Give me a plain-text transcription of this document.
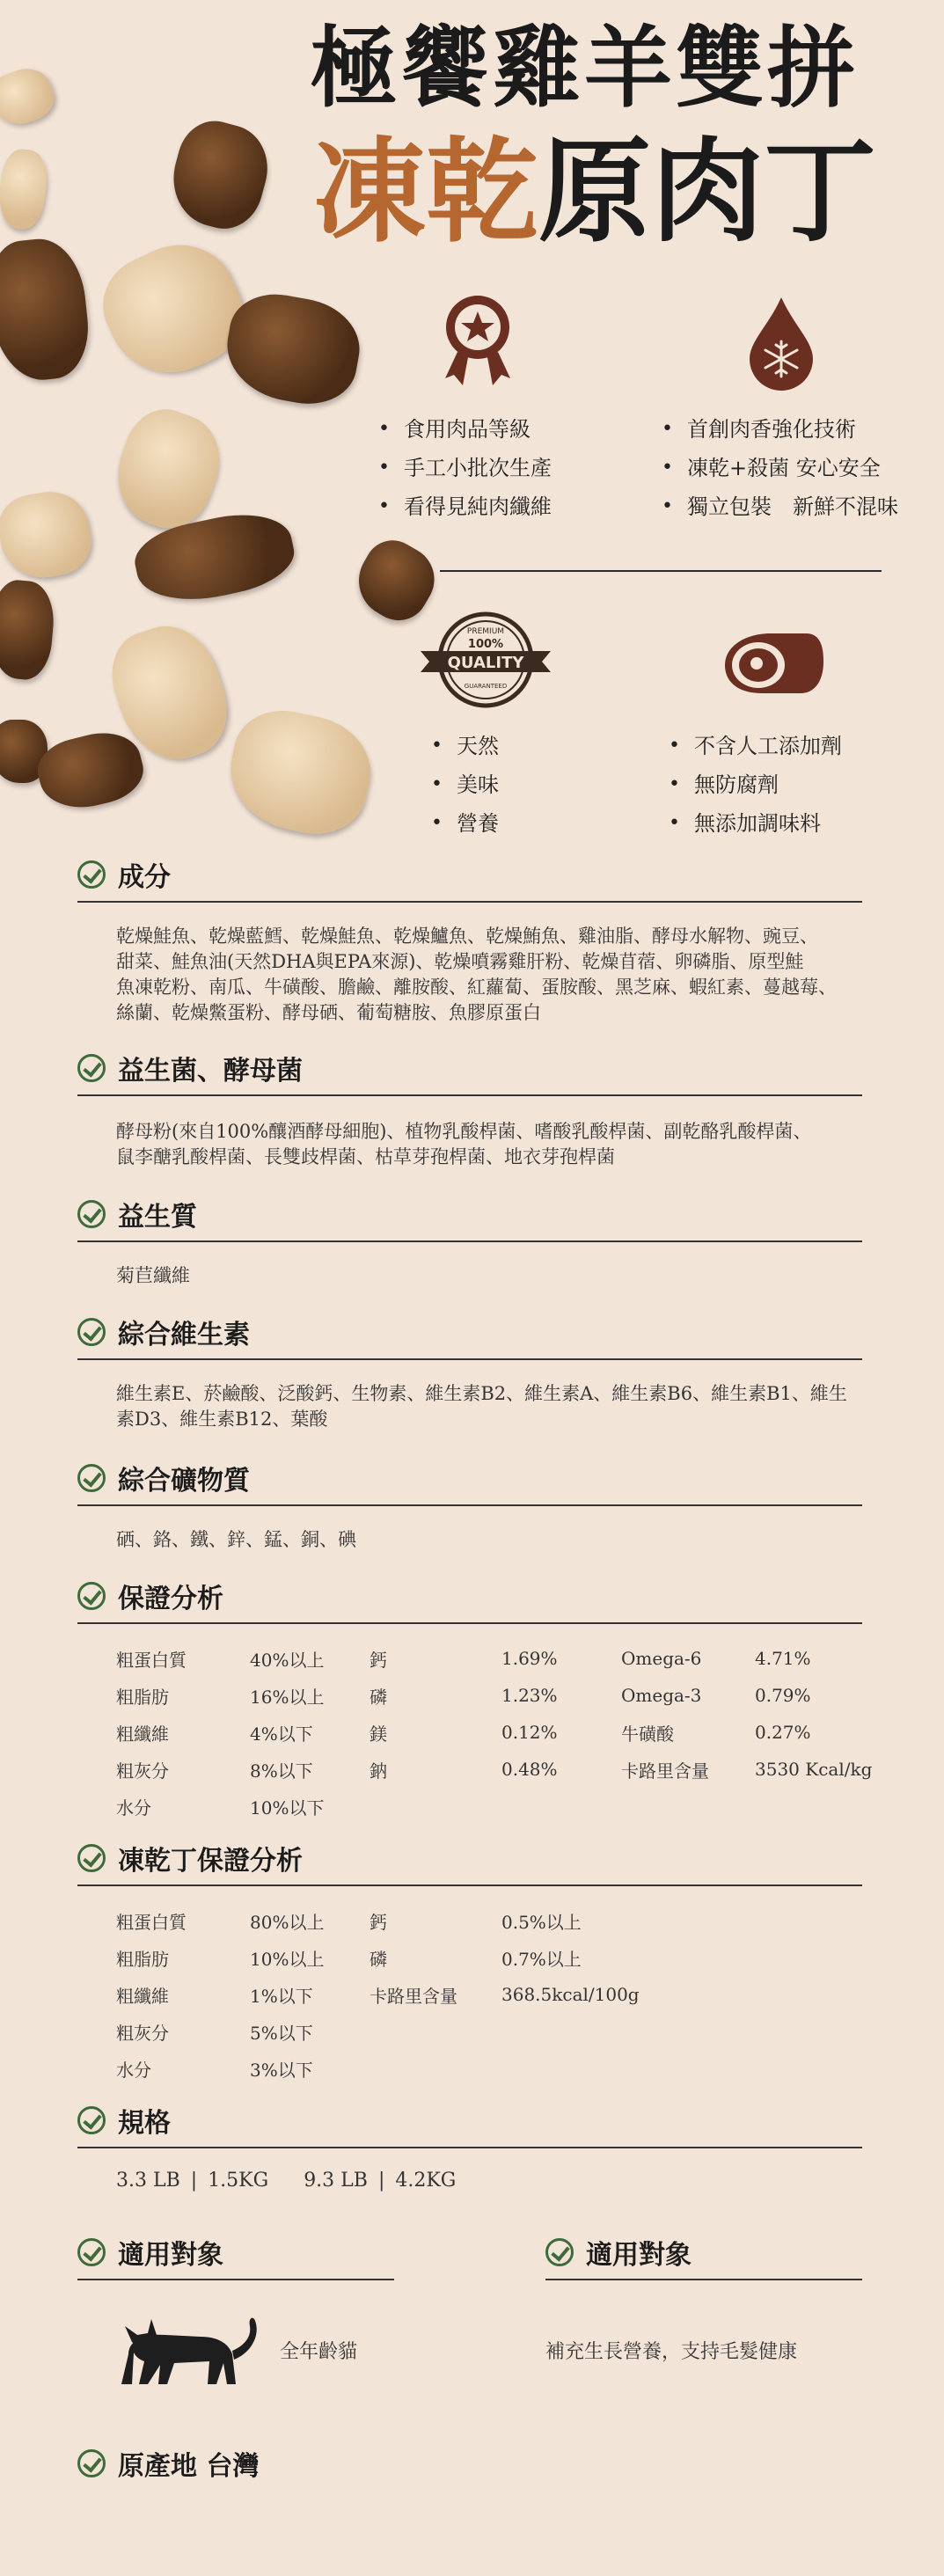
極饗雞羊雙拼
凍乾原肉丁
• 食用肉品等級
• 手工小批次生產
• 看得見純肉纖維
• 首創肉香強化技術
• 凍乾+殺菌 安心安全
• 獨立包裝　新鮮不混味
PREMIUM
100%
QUALITY
GUARANTEED
• 天然
• 美味
• 營養
• 不含人工添加劑
• 無防腐劑
• 無添加調味料
成分
乾燥鮭魚、乾燥藍鱈、乾燥鮭魚、乾燥鱸魚、乾燥鮪魚、雞油脂、酵母水解物、豌豆、
甜菜、鮭魚油(天然DHA與EPA來源)、乾燥噴霧雞肝粉、乾燥苜蓿、卵磷脂、原型鮭
魚凍乾粉、南瓜、牛磺酸、膽鹼、離胺酸、紅蘿蔔、蛋胺酸、黑芝麻、蝦紅素、蔓越莓、
絲蘭、乾燥鱉蛋粉、酵母硒、葡萄糖胺、魚膠原蛋白
益生菌、酵母菌
酵母粉(來自100%釀酒酵母細胞)、植物乳酸桿菌、嗜酸乳酸桿菌、副乾酪乳酸桿菌、
鼠李醣乳酸桿菌、長雙歧桿菌、枯草芽孢桿菌、地衣芽孢桿菌
益生質
菊苣纖維
綜合維生素
維生素E、菸鹼酸、泛酸鈣、生物素、維生素B2、維生素A、維生素B6、維生素B1、維生
素D3、維生素B12、葉酸
綜合礦物質
硒、鉻、鐵、鋅、錳、銅、碘
保證分析
粗蛋白質	40%以上	鈣	1.69%	Omega-6	4.71%
粗脂肪	16%以上	磷	1.23%	Omega-3	0.79%
粗纖維	4%以下	鎂	0.12%	牛磺酸	0.27%
粗灰分	8%以下	鈉	0.48%	卡路里含量	3530 Kcal/kg
水分	10%以下				
凍乾丁保證分析
粗蛋白質	80%以上	鈣	0.5%以上
粗脂肪	10%以上	磷	0.7%以上
粗纖維	1%以下	卡路里含量	368.5kcal/100g
粗灰分	5%以下		
水分	3%以下		
規格
3.3 LB | 1.5KG 9.3 LB | 4.2KG
適用對象	適用對象
全年齡貓	補充生長營養，支持毛髮健康
原產地 台灣
